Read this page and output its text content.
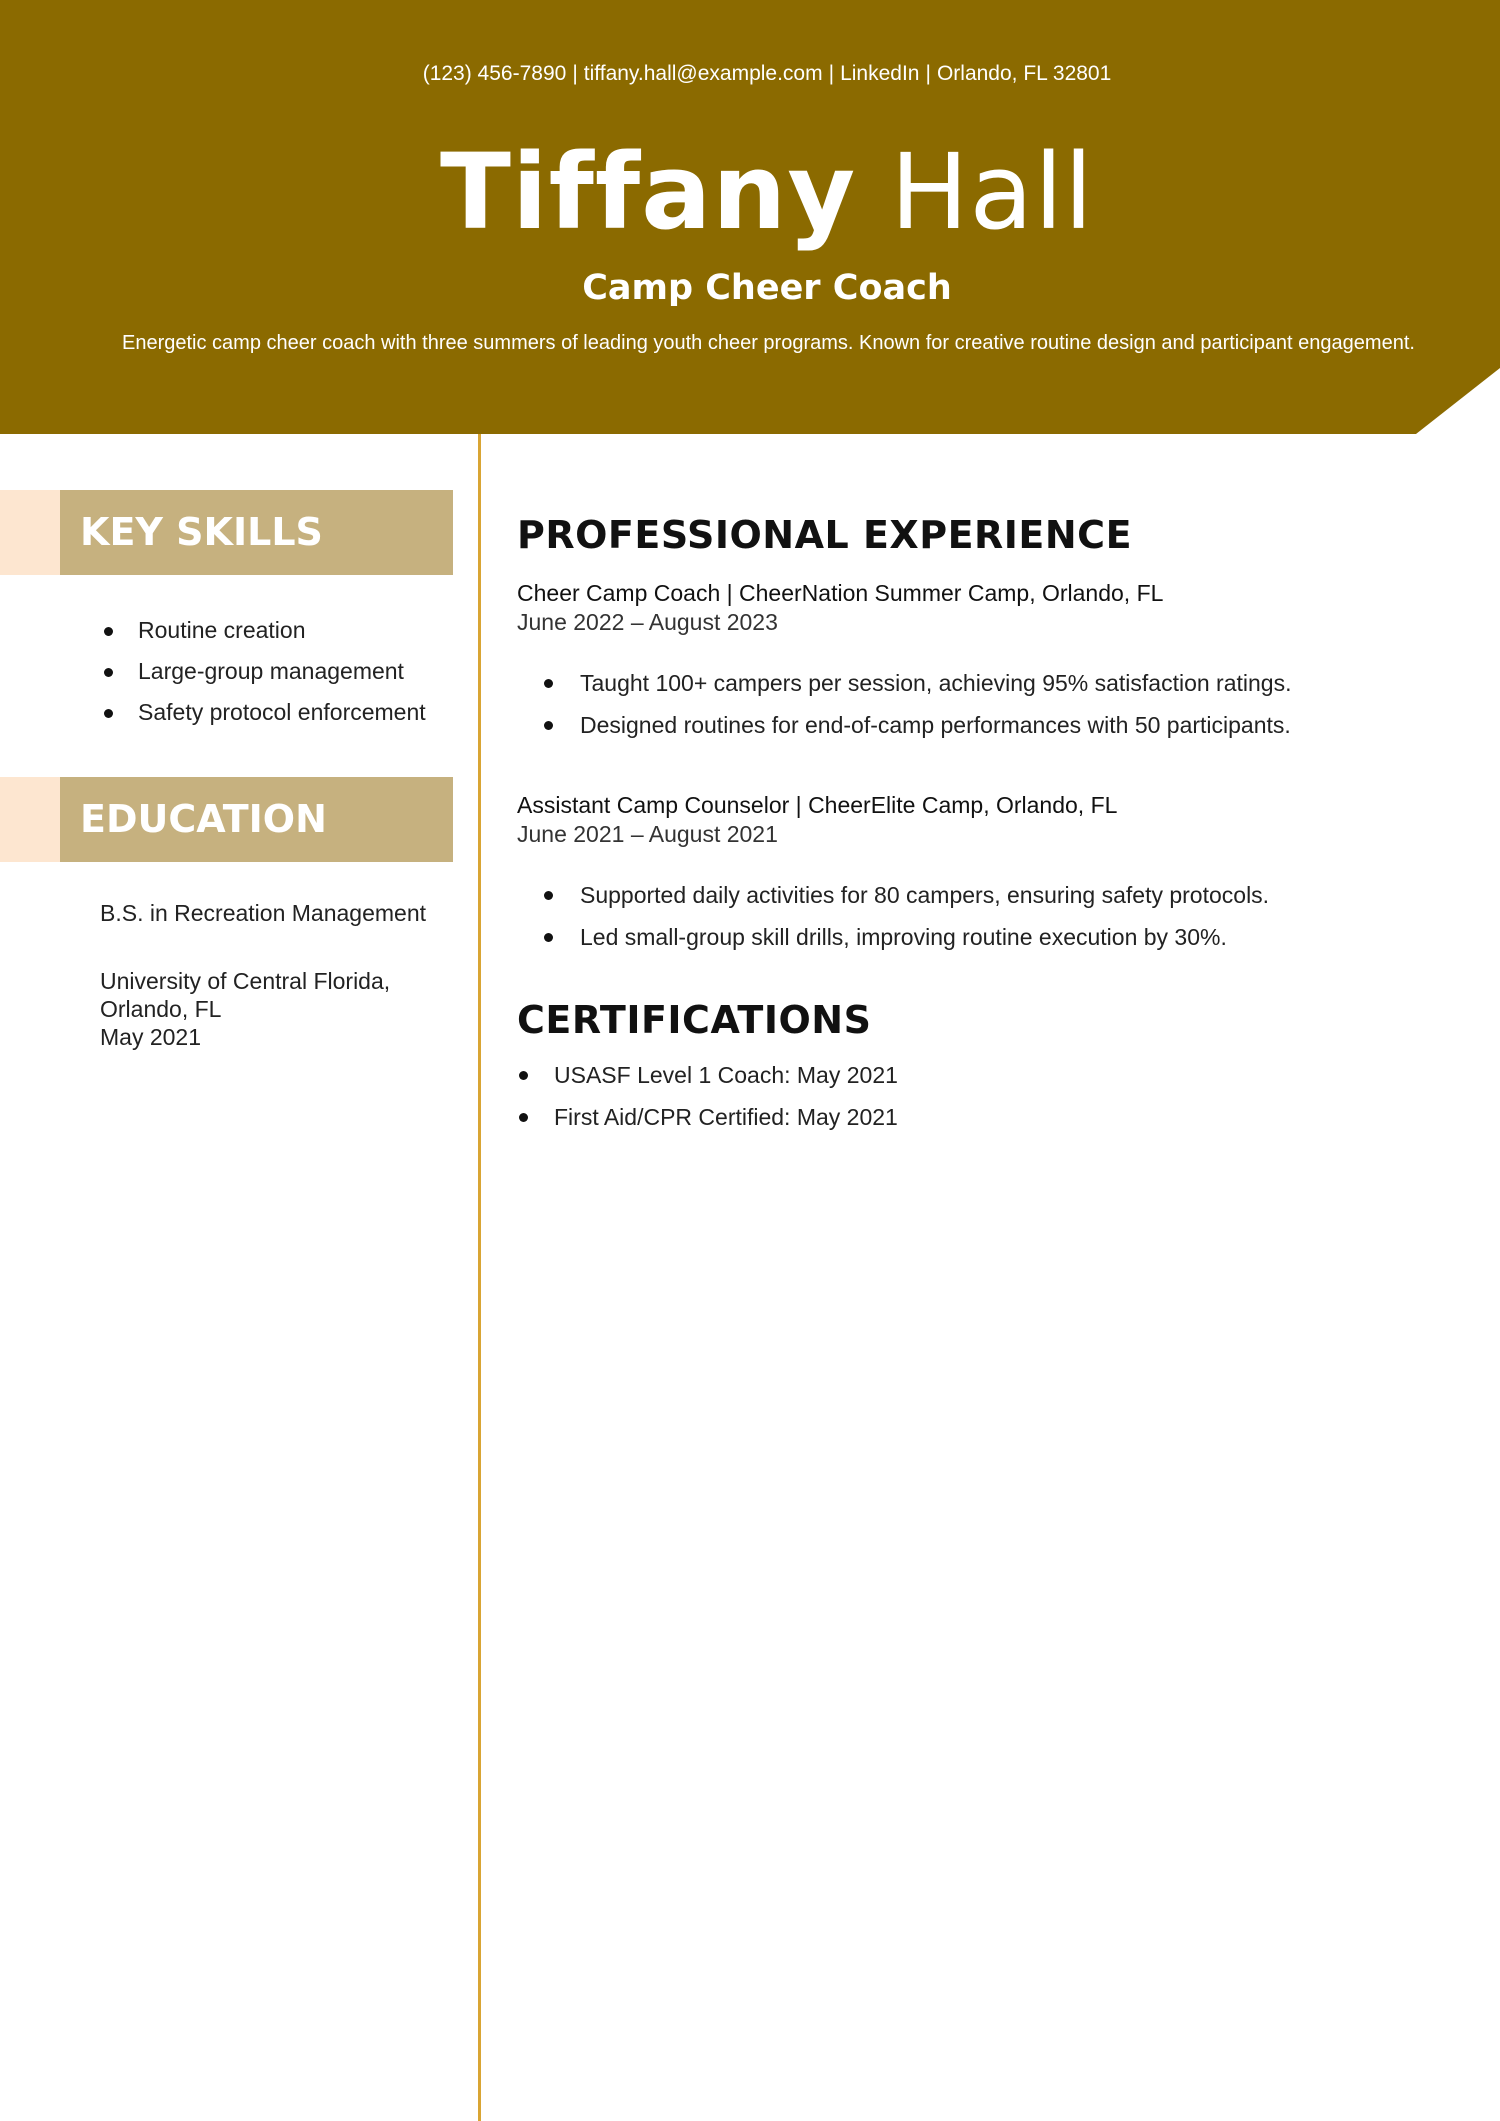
(123) 456-7890 | tiffany.hall@example.com | LinkedIn | Orlando, FL 32801
Tiffany Hall
Camp Cheer Coach
Energetic camp cheer coach with three summers of leading youth cheer programs. Known for creative routine design and participant engagement.
KEY SKILLS
Routine creation
Large-group management
Safety protocol enforcement
EDUCATION
B.S. in Recreation Management
University of Central Florida,
Orlando, FL
May 2021
PROFESSIONAL EXPERIENCE
Cheer Camp Coach | CheerNation Summer Camp, Orlando, FL
June 2022 – August 2023
Taught 100+ campers per session, achieving 95% satisfaction ratings.
Designed routines for end-of-camp performances with 50 participants.
Assistant Camp Counselor | CheerElite Camp, Orlando, FL
June 2021 – August 2021
Supported daily activities for 80 campers, ensuring safety protocols.
Led small-group skill drills, improving routine execution by 30%.
CERTIFICATIONS
USASF Level 1 Coach: May 2021
First Aid/CPR Certified: May 2021
